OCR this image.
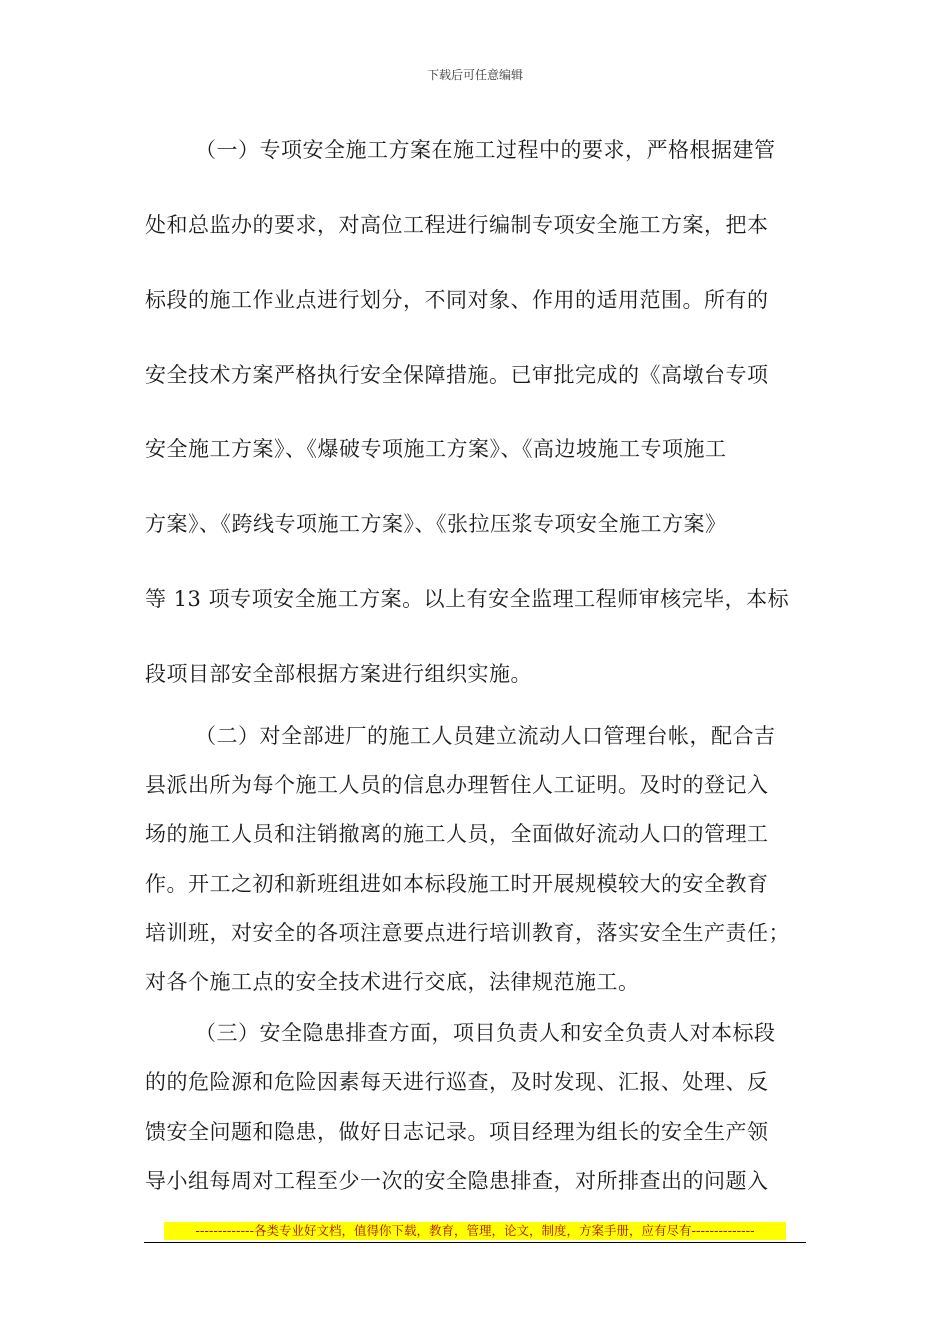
下载后可任意编辑
（一）专项安全施工方案在施工过程中的要求，严格根据建管
处和总监办的要求，对高位工程进行编制专项安全施工方案，把本
标段的施工作业点进行划分，不同对象、作用的适用范围。所有的
安全技术方案严格执行安全保障措施。已审批完成的《高墩台专项
安全施工方案》、《爆破专项施工方案》、《高边坡施工专项施工
方案》、《跨线专项施工方案》、《张拉压浆专项安全施工方案》
等 13 项专项安全施工方案。以上有安全监理工程师审核完毕，本标
段项目部安全部根据方案进行组织实施。
（二）对全部进厂的施工人员建立流动人口管理台帐，配合吉
县派出所为每个施工人员的信息办理暂住人工证明。及时的登记入
场的施工人员和注销撤离的施工人员，全面做好流动人口的管理工
作。开工之初和新班组进如本标段施工时开展规模较大的安全教育
培训班，对安全的各项注意要点进行培训教育，落实安全生产责任；
对各个施工点的安全技术进行交底，法律规范施工。
（三）安全隐患排查方面，项目负责人和安全负责人对本标段
的的危险源和危险因素每天进行巡查，及时发现、汇报、处理、反
馈安全问题和隐患，做好日志记录。项目经理为组长的安全生产领
导小组每周对工程至少一次的安全隐患排查，对所排查出的问题入
-------------各类专业好文档，值得你下载，教育，管理，论文，制度，方案手册，应有尽有--------------
